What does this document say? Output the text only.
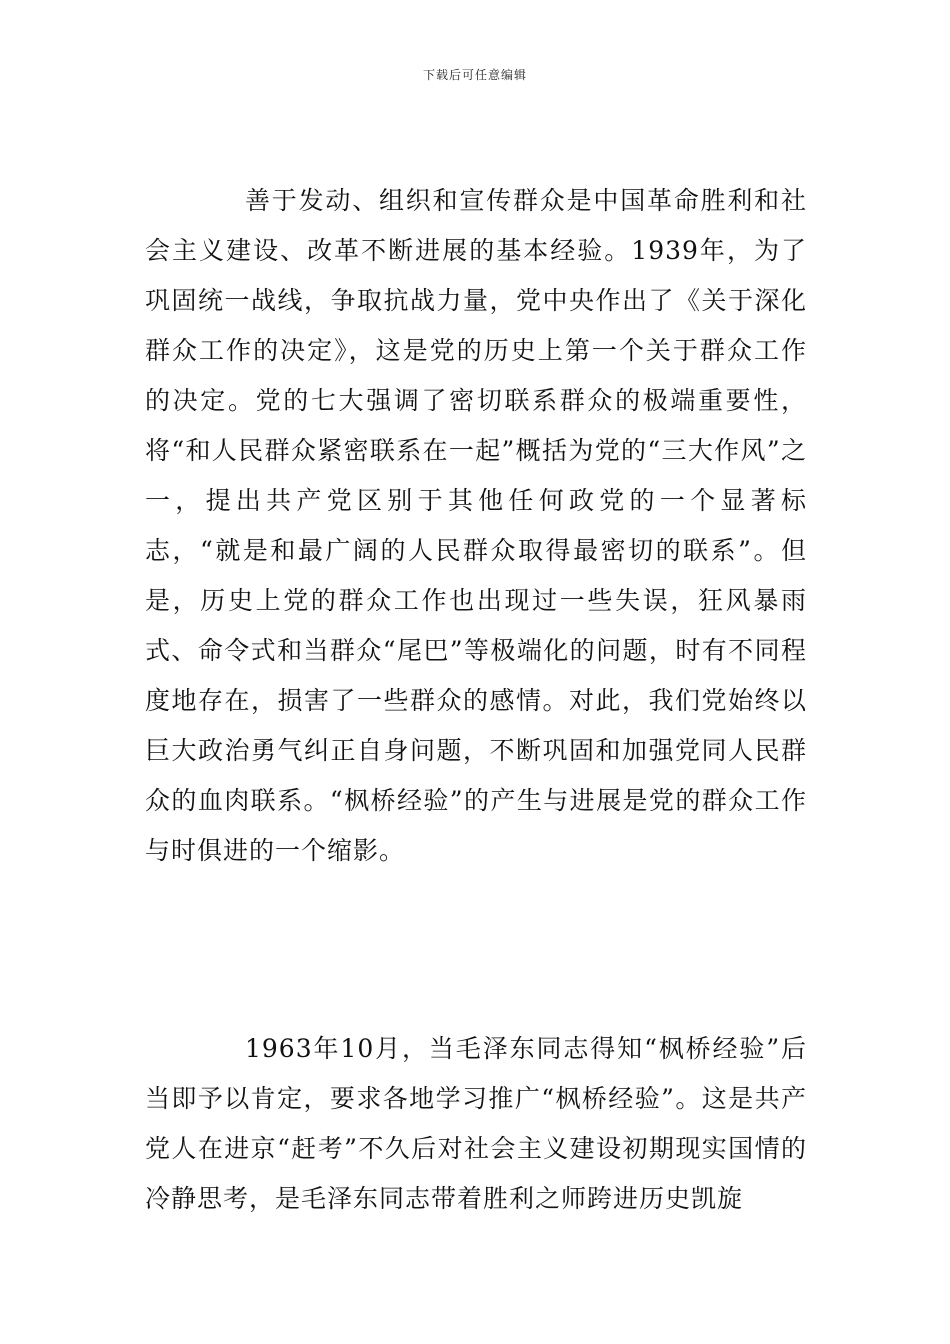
下载后可任意编辑

善于发动、组织和宣传群众是中国革命胜利和社会主义建设、改革不断进展的基本经验。1939年，为了巩固统一战线，争取抗战力量，党中央作出了《关于深化群众工作的决定》，这是党的历史上第一个关于群众工作的决定。党的七大强调了密切联系群众的极端重要性，将“和人民群众紧密联系在一起”概括为党的“三大作风”之一，提出共产党区别于其他任何政党的一个显著标志，“就是和最广阔的人民群众取得最密切的联系”。但是，历史上党的群众工作也出现过一些失误，狂风暴雨式、命令式和当群众“尾巴”等极端化的问题，时有不同程度地存在，损害了一些群众的感情。对此，我们党始终以巨大政治勇气纠正自身问题，不断巩固和加强党同人民群众的血肉联系。“枫桥经验”的产生与进展是党的群众工作与时俱进的一个缩影。

1963年10月，当毛泽东同志得知“枫桥经验”后当即予以肯定，要求各地学习推广“枫桥经验”。这是共产党人在进京“赶考”不久后对社会主义建设初期现实国情的冷静思考，是毛泽东同志带着胜利之师跨进历史凯旋
